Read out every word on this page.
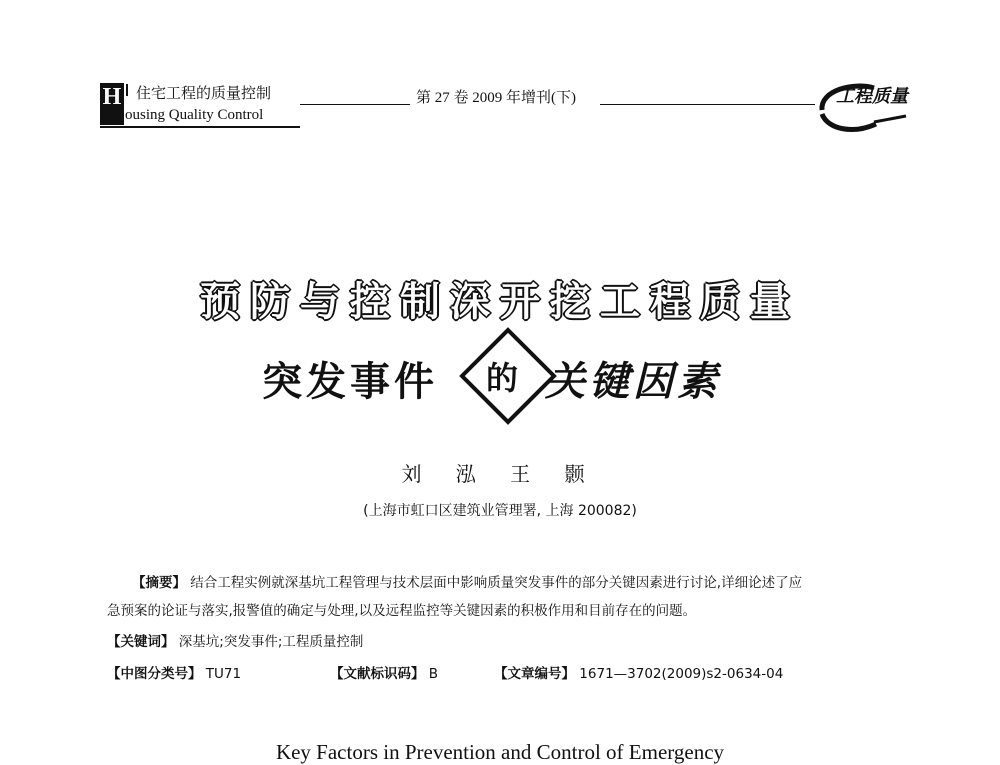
H 住宅工程的质量控制
ousing Quality Control
第 27 卷 2009 年增刊(下)	工程质量
预防与控制深开挖工程质量
突发事件 的 关键因素
刘 泓 王 颢
(上海市虹口区建筑业管理署, 上海 200082)
【摘要】 结合工程实例就深基坑工程管理与技术层面中影响质量突发事件的部分关键因素进行讨论,详细论述了应
急预案的论证与落实,报警值的确定与处理,以及远程监控等关键因素的积极作用和目前存在的问题。
【关键词】 深基坑;突发事件;工程质量控制
【中图分类号】 TU71	【文献标识码】 B	【文章编号】 1671—3702(2009)s2-0634-04
Key Factors in Prevention and Control of Emergency
